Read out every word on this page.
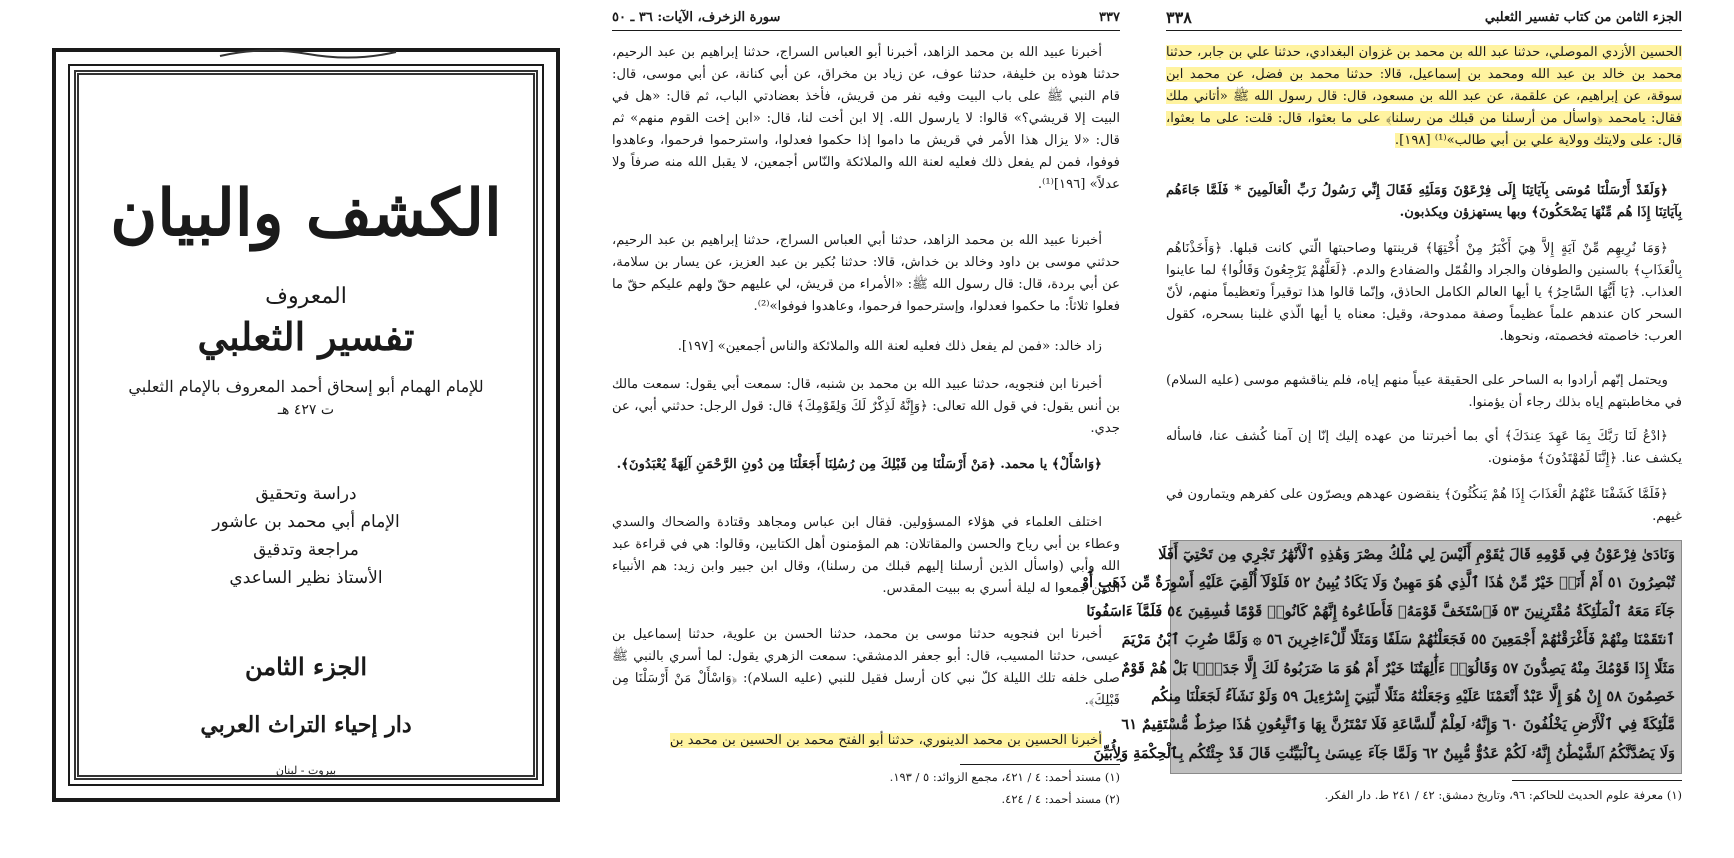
الكشف والبيان
المعروف
تفسير الثعلبي
للإمام الهمام أبو إسحاق أحمد المعروف بالإمام الثعلبي
ت ٤٢٧ هـ
دراسة وتحقيق
الإمام أبي محمد بن عاشور
مراجعة وتدقيق
الأستاذ نظير الساعدي
الجزء الثامن
دار إحياء التراث العربي
بيروت - لبنان
٣٣٧
سورة الزخرف، الآيات: ٣٦ ـ ٥٠

أخبرنا عبيد الله بن محمد الزاهد، أخبرنا أبو العباس السراج، حدثنا إبراهيم بن عبد الرحيم، حدثنا هوذه بن خليفة، حدثنا عوف، عن زياد بن مخراق، عن أبي كنانة، عن أبي موسى، قال: قام النبي ﷺ على باب البيت وفيه نفر من قريش، فأخذ بعضادتي الباب، ثم قال: «هل في البيت إلا قريشي؟» قالوا: لا يارسول الله. إلا ابن أخت لنا، قال: «ابن إخت القوم منهم» ثم قال: «لا يزال هذا الأمر في قريش ما داموا إذا حكموا فعدلوا، واسترحموا فرحموا، وعاهدوا فوفوا، فمن لم يفعل ذلك فعليه لعنة الله والملائكة والنّاس أجمعين، لا يقبل الله منه صرفاً ولا عدلاً» [١٩٦]⁽¹⁾.

أخبرنا عبيد الله بن محمد الزاهد، حدثنا أبي العباس السراج، حدثنا إبراهيم بن عبد الرحيم، حدثني موسى بن داود وخالد بن خداش، قالا: حدثنا بُكير بن عبد العزيز، عن يسار بن سلامة، عن أبي بردة، قال: قال رسول الله ﷺ: «الأمراء من قريش، لي عليهم حقّ ولهم عليكم حقّ ما فعلوا ثلاثاً: ما حكموا فعدلوا، وإسترحموا فرحموا، وعاهدوا فوفوا»⁽²⁾.

زاد خالد: «فمن لم يفعل ذلك فعليه لعنة الله والملائكة والناس أجمعين» [١٩٧].

أخبرنا ابن فنجويه، حدثنا عبيد الله بن محمد بن شنبه، قال: سمعت أبي يقول: سمعت مالك بن أنس يقول: في قول الله تعالى: ﴿وَإِنَّهُ لَذِكْرٌ لَكَ وَلِقَوْمِكَ﴾ قال: قول الرجل: حدثني أبي، عن جدي.

﴿وَاسْأَلْ﴾ يا محمد. ﴿مَنْ أَرْسَلْنَا مِن قَبْلِكَ مِن رُسُلِنَا أَجَعَلْنَا مِن دُونِ الرَّحْمَنِ آلِهَةً يُعْبَدُونَ﴾.

اختلف العلماء في هؤلاء المسؤولين. فقال ابن عباس ومجاهد وقتادة والضحاك والسدي وعطاء بن أبي رياح والحسن والمقاتلان: هم المؤمنون أهل الكتابين، وقالوا: هي في قراءة عبد الله وأبي (واسأل الذين أرسلنا إليهم قبلك من رسلنا)، وقال ابن جبير وابن زيد: هم الأنبياء الذين جمعوا له ليلة أسري به ببيت المقدس.

أخبرنا ابن فنجويه حدثنا موسى بن محمد، حدثنا الحسن بن علوية، حدثنا إسماعيل بن عيسى، حدثنا المسيب، قال: أبو جعفر الدمشقي: سمعت الزهري يقول: لما أسري بالنبي ﷺ صلى خلفه تلك الليلة كلّ نبي كان أرسل فقيل للنبي (عليه السلام): ﴿وَاسْأَلْ مَنْ أَرْسَلْنَا مِن قَبْلِكَ﴾.

أخبرنا الحسين بن محمد الدينوري، حدثنا أبو الفتح محمد بن الحسين بن محمد بن

(١) مسند أحمد: ٤ / ٤٢١، مجمع الزوائد: ٥ / ١٩٣.

(٢) مسند أحمد: ٤ / ٤٢٤.

٣٣٨	الجزء الثامن من كتاب تفسير الثعلبي

الحسين الأزدي الموصلي، حدثنا عبد الله بن محمد بن غزوان البغدادي، حدثنا علي بن جابر، حدثنا محمد بن خالد بن عبد الله ومحمد بن إسماعيل، قالا: حدثنا محمد بن فضل، عن محمد ابن سوقة، عن إبراهيم، عن علقمة، عن عبد الله بن مسعود، قال: قال رسول الله ﷺ «أتاني ملك فقال: يامحمد ﴿واسأل من أرسلنا من قبلك من رسلنا﴾ على ما بعثوا، قال: قلت: على ما بعثوا، قال: على ولايتك وولاية علي بن أبي طالب»⁽¹⁾ [١٩٨].

﴿وَلَقَدْ أَرْسَلْنَا مُوسَى بِآيَاتِنَا إِلَى فِرْعَوْنَ وَمَلَئِهِ فَقَالَ إِنِّي رَسُولُ رَبِّ الْعَالَمِينَ * فَلَمَّا جَاءَهُم بِآيَاتِنَا إِذَا هُم مِّنْهَا يَضْحَكُونَ﴾ وبها يستهزؤن ويكذبون.

﴿وَمَا نُرِيهِم مِّنْ آيَةٍ إِلاَّ هِيَ أَكْبَرُ مِنْ أُخْتِهَا﴾ قرينتها وصاحبتها الّتي كانت قبلها. ﴿وَأَخَذْنَاهُم بِالْعَذَابِ﴾ بالسنين والطوفان والجراد والقُمّل والضفادع والدم. ﴿لَعَلَّهُمْ يَرْجِعُونَ وَقَالُوا﴾ لما عاينوا العذاب. ﴿يَا أَيُّهَا السَّاحِرُ﴾ يا أيها العالم الكامل الحاذق، وإنّما قالوا هذا توقيراً وتعظيماً منهم، لأنّ السحر كان عندهم علماً عظيماً وصفة ممدوحة، وقيل: معناه يا أيها الّذي غلبنا بسحره، كقول العرب: خاصمته فخصمته، ونحوها.

ويحتمل إنّهم أرادوا به الساحر على الحقيقة عيباً منهم إياه، فلم يناقشهم موسى (عليه السلام) في مخاطبتهم إياه بذلك رجاء أن يؤمنوا.

﴿ادْعُ لَنَا رَبَّكَ بِمَا عَهِدَ عِندَكَ﴾ أي بما أخبرتنا من عهده إليك إنّا إن آمنا كُشف عنا، فاسأله يكشف عنا. ﴿إِنَّنَا لَمُهْتَدُونَ﴾ مؤمنون.

﴿فَلَمَّا كَشَفْنَا عَنْهُمُ الْعَذَابَ إِذَا هُمْ يَنكُثُونَ﴾ ينقضون عهدهم ويصرّون على كفرهم ويتمارون في غيهم.

وَنَادَىٰ فِرْعَوْنُ فِي قَوْمِهِ قَالَ يَٰقَوْمِ أَلَيْسَ لِي مُلْكُ مِصْرَ وَهَٰذِهِ ٱلْأَنْهَٰرُ تَجْرِي مِن تَحْتِيٓ أَفَلَا
تُبْصِرُونَ ٥١ أَمْ أَنَا۠ خَيْرٌ مِّنْ هَٰذَا ٱلَّذِي هُوَ مَهِينٌ وَلَا يَكَادُ يُبِينُ ٥٢ فَلَوْلَآ أُلْقِيَ عَلَيْهِ أَسْوِرَةٌ مِّن ذَهَبٍ أَوْ
جَآءَ مَعَهُ ٱلْمَلَٰٓئِكَةُ مُقْتَرِنِينَ ٥٣ فَٱسْتَخَفَّ قَوْمَهُۥ فَأَطَاعُوهُ إِنَّهُمْ كَانُوا۟ قَوْمًا فَٰسِقِينَ ٥٤ فَلَمَّآ ءَاسَفُونَا
ٱنتَقَمْنَا مِنْهُمْ فَأَغْرَقْنَٰهُمْ أَجْمَعِينَ ٥٥ فَجَعَلْنَٰهُمْ سَلَفًا وَمَثَلًا لِّلْءَاخِرِينَ ٥٦ ۞ وَلَمَّا ضُرِبَ ٱبْنُ مَرْيَمَ
مَثَلًا إِذَا قَوْمُكَ مِنْهُ يَصِدُّونَ ٥٧ وَقَالُوٓا۟ ءَأَٰلِهَتُنَا خَيْرٌ أَمْ هُوَ مَا ضَرَبُوهُ لَكَ إِلَّا جَدَلًۢا بَلْ هُمْ قَوْمٌ
خَصِمُونَ ٥٨ إِنْ هُوَ إِلَّا عَبْدٌ أَنْعَمْنَا عَلَيْهِ وَجَعَلْنَٰهُ مَثَلًا لِّبَنِيٓ إِسْرَٰٓءِيلَ ٥٩ وَلَوْ نَشَآءُ لَجَعَلْنَا مِنكُم
مَّلَٰٓئِكَةً فِي ٱلْأَرْضِ يَخْلُفُونَ ٦٠ وَإِنَّهُۥ لَعِلْمٌ لِّلسَّاعَةِ فَلَا تَمْتَرُنَّ بِهَا وَٱتَّبِعُونِ هَٰذَا صِرَٰطٌ مُّسْتَقِيمٌ ٦١
وَلَا يَصُدَّنَّكُمُ ٱلشَّيْطَٰنُ إِنَّهُۥ لَكُمْ عَدُوٌّ مُّبِينٌ ٦٢ وَلَمَّا جَآءَ عِيسَىٰ بِٱلْبَيِّنَٰتِ قَالَ قَدْ جِئْتُكُم بِٱلْحِكْمَةِ وَلِأُبَيِّنَ

(١) معرفة علوم الحديث للحاكم: ٩٦، وتاريخ دمشق: ٤٢ / ٢٤١ ط. دار الفكر.
